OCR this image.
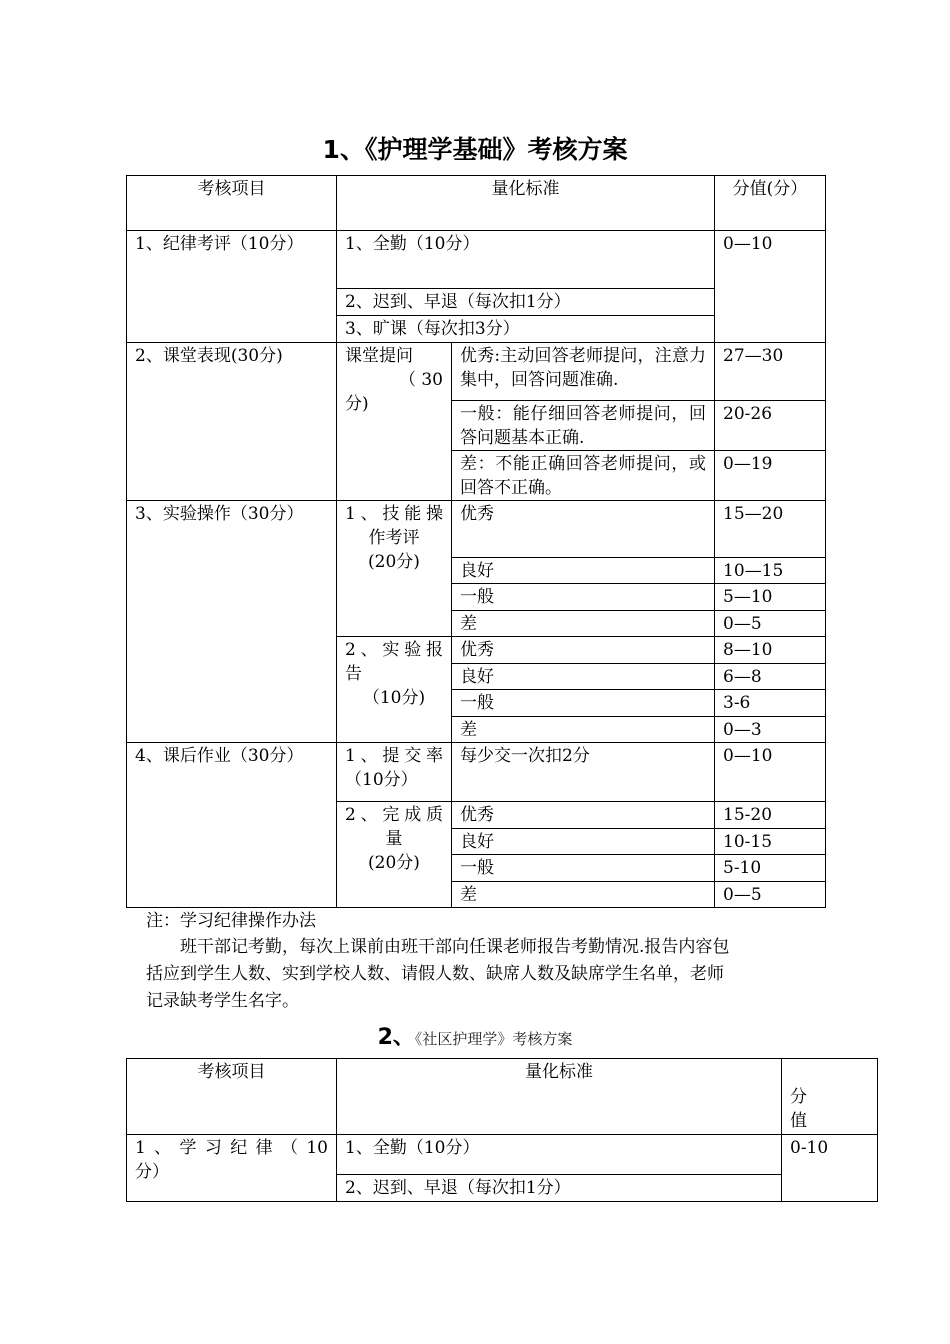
1、《护理学基础》考核方案
考核项目	量化标准		分值(分）
1、纪律考评（10分）	1、全勤（10分）		0—10
	2、迟到、早退（每次扣1分）		
	3、旷课（每次扣3分）		
2、课堂表现(30分)	课堂提问
（ 30
分)	优秀:主动回答老师提问，注意力集中，回答问题准确.	27—30
		一般：能仔细回答老师提问，回答问题基本正确.	20-26
		差：不能正确回答老师提问，或回答不正确。	0—19
3、实验操作（30分）	1、技能操
作考评
(20分)	优秀	15—20
		良好	10—15
		一般	5—10
		差	0—5

	2、实验报
告
（10分)	优秀	8—10
		良好	6—8
		一般	3-6
		差	0—3
4、课后作业（30分）	1、提交率
（10分）	每少交一次扣2分	0—10

	2、完成质
量
(20分)	优秀	15-20
		良好	10-15
		一般	5-10
		差	0—5
注：学习纪律操作办法
班干部记考勤，每次上课前由班干部向任课老师报告考勤情况.报告内容包
括应到学生人数、实到学校人数、请假人数、缺席人数及缺席学生名单，老师
记录缺考学生名字。
2、《社区护理学》考核方案
考核项目	量化标准	分
值

1、学习纪律（10
分）	1、全勤（10分）	0-10
	2、迟到、早退（每次扣1分）	
